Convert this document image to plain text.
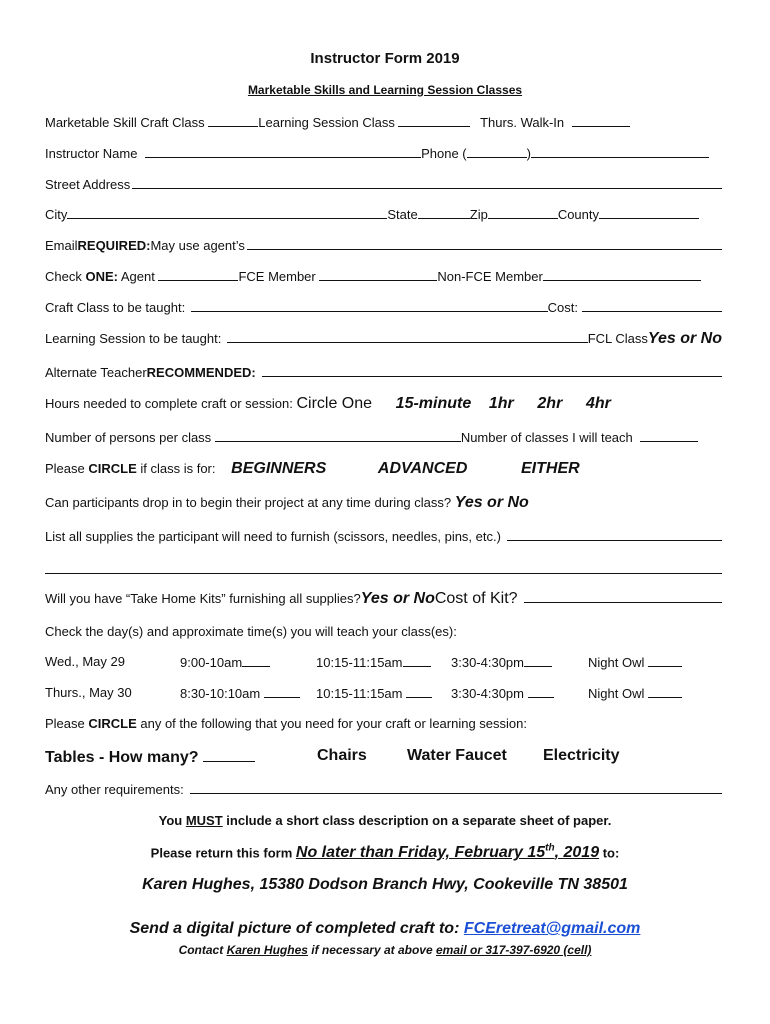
Instructor Form 2019
Marketable Skills and Learning Session Classes
Marketable Skill Craft Class	Learning Session Class	Thurs. Walk-In
Instructor Name	Phone (	)
Street Address
City	State	Zip	County
Email REQUIRED: May use agent’s
Check ONE: Agent	FCE Member	Non-FCE Member
Craft Class to be taught:	Cost:
Learning Session to be taught:	FCL Class Yes or No
Alternate Teacher RECOMMENDED:
Hours needed to complete craft or session: Circle One 15-minute 1hr 2hr 4hr
Number of persons per class	Number of classes I will teach
Please CIRCLE if class is for: BEGINNERS	ADVANCED	EITHER
Can participants drop in to begin their project at any time during class? Yes or No
List all supplies the participant will need to furnish (scissors, needles, pins, etc.)
Will you have “Take Home Kits” furnishing all supplies? Yes or No Cost of Kit?
Check the day(s) and approximate time(s) you will teach your class(es):
Wed., May 29	9:00-10am	10:15-11:15am	3:30-4:30pm	Night Owl
Thurs., May 30	8:30-10:10am	10:15-11:15am	3:30-4:30pm	Night Owl
Please CIRCLE any of the following that you need for your craft or learning session:
Tables - How many?	Chairs	Water Faucet Electricity
Any other requirements:
You MUST include a short class description on a separate sheet of paper.
Please return this form No later than Friday, February 15th, 2019 to:
Karen Hughes, 15380 Dodson Branch Hwy, Cookeville TN 38501
Send a digital picture of completed craft to: FCEretreat@gmail.com
Contact Karen Hughes if necessary at above email or 317-397-6920 (cell)
